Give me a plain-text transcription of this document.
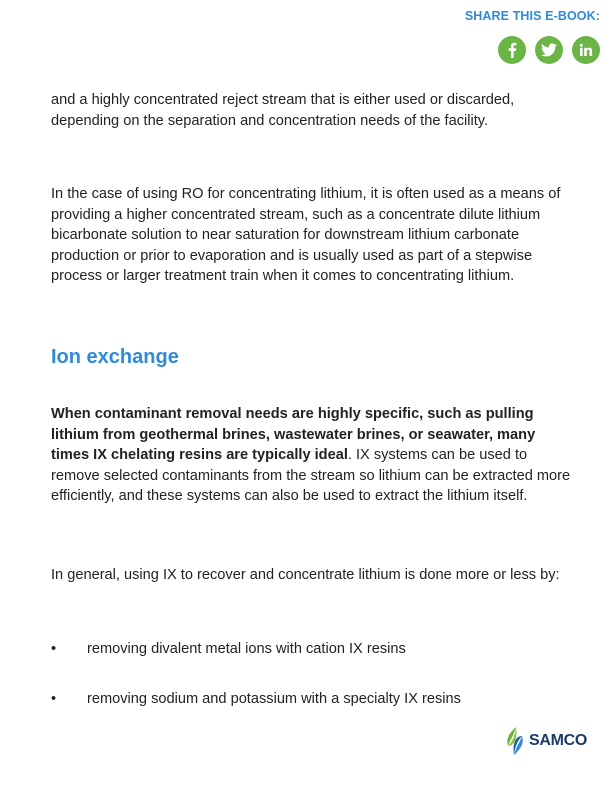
SHARE THIS E-BOOK:

and a highly concentrated reject stream that is either used or discarded, depending on the separation and concentration needs of the facility.

In the case of using RO for concentrating lithium, it is often used as a means of providing a higher concentrated stream, such as a concentrate dilute lithium bicarbonate solution to near saturation for downstream lithium carbonate production or prior to evaporation and is usually used as part of a stepwise process or larger treatment train when it comes to concentrating lithium.

Ion exchange

When contaminant removal needs are highly specific, such as pulling lithium from geothermal brines, wastewater brines, or seawater, many times IX chelating resins are typically ideal. IX systems can be used to remove selected contaminants from the stream so lithium can be extracted more efficiently, and these systems can also be used to extract the lithium itself.

In general, using IX to recover and concentrate lithium is done more or less by:

• removing divalent metal ions with cation IX resins
• removing sodium and potassium with a specialty IX resins
SAMCO
